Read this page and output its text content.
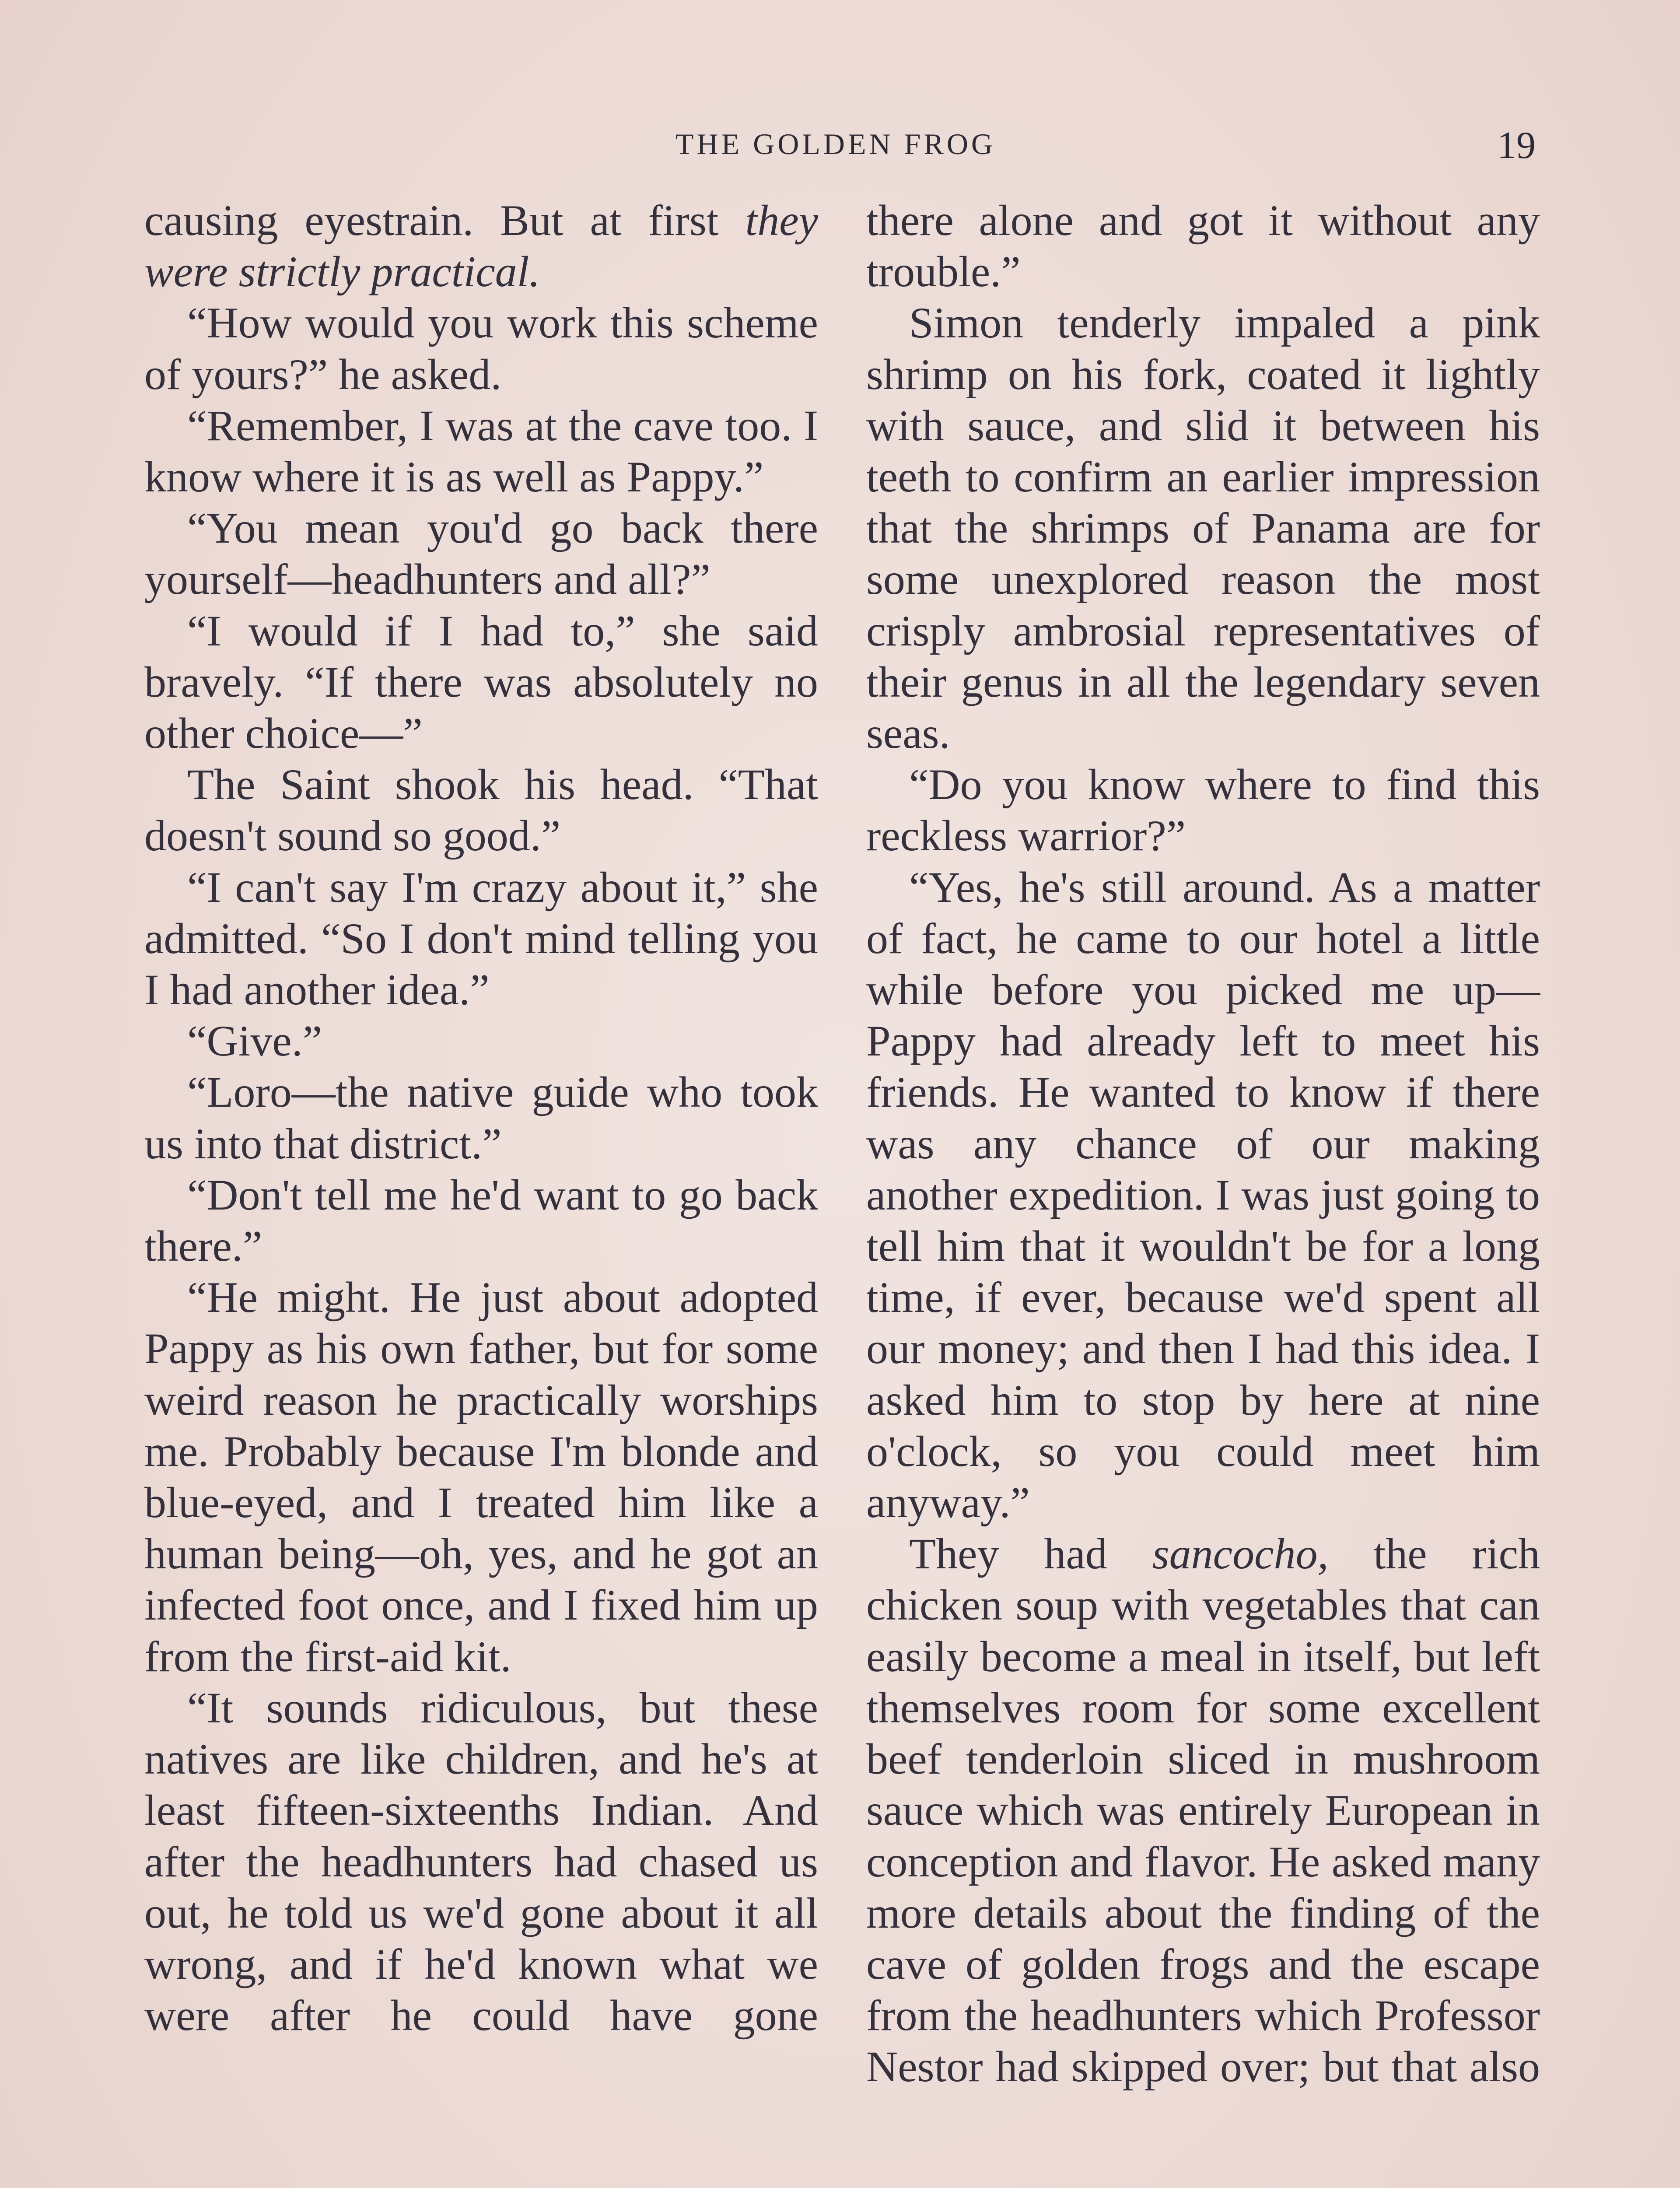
THE GOLDEN FROG	19

causing eyestrain. But at first they were strictly practical.

“How would you work this scheme of yours?” he asked.

“Remember, I was at the cave too. I know where it is as well as Pappy.”

“You mean you'd go back there yourself—headhunters and all?”

“I would if I had to,” she said bravely. “If there was absolutely no other choice—”

The Saint shook his head. “That doesn't sound so good.”

“I can't say I'm crazy about it,” she admitted. “So I don't mind telling you I had another idea.”

“Give.”

“Loro—the native guide who took us into that district.”

“Don't tell me he'd want to go back there.”

“He might. He just about adopted Pappy as his own father, but for some weird reason he practically worships me. Probably because I'm blonde and blue-eyed, and I treated him like a human being—oh, yes, and he got an infected foot once, and I fixed him up from the first-aid kit.

“It sounds ridiculous, but these natives are like children, and he's at least fifteen-sixteenths Indian. And after the headhunters had chased us out, he told us we'd gone about it all wrong, and if he'd known what we were after he could have gone

there alone and got it without any trouble.”

Simon tenderly impaled a pink shrimp on his fork, coated it lightly with sauce, and slid it between his teeth to confirm an earlier impression that the shrimps of Panama are for some unexplored reason the most crisply ambrosial representatives of their genus in all the legendary seven seas.

“Do you know where to find this reckless warrior?”

“Yes, he's still around. As a matter of fact, he came to our hotel a little while before you picked me up—Pappy had already left to meet his friends. He wanted to know if there was any chance of our making another expedition. I was just going to tell him that it wouldn't be for a long time, if ever, because we'd spent all our money; and then I had this idea. I asked him to stop by here at nine o'clock, so you could meet him anyway.”

They had sancocho, the rich chicken soup with vegetables that can easily become a meal in itself, but left themselves room for some excellent beef tenderloin sliced in mushroom sauce which was entirely European in conception and flavor. He asked many more details about the finding of the cave of golden frogs and the escape from the headhunters which Professor Nestor had skipped over; but that also
